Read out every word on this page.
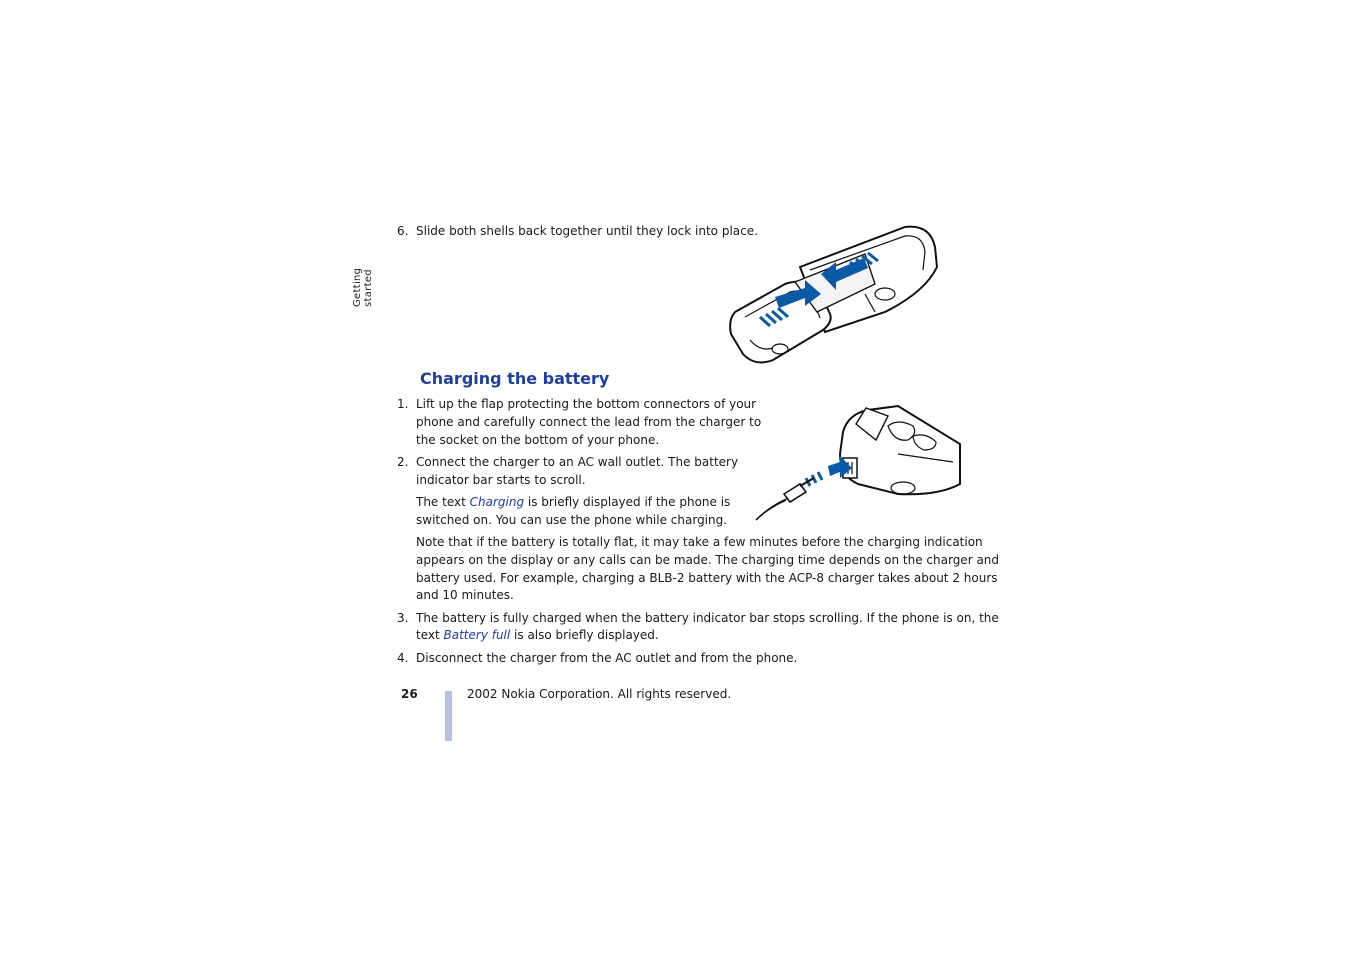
Getting started
6. Slide both shells back together until they lock into place.
Charging the battery
1. Lift up the flap protecting the bottom connectors of your
phone and carefully connect the lead from the charger to
the socket on the bottom of your phone.
2. Connect the charger to an AC wall outlet. The battery
indicator bar starts to scroll.
The text Charging is briefly displayed if the phone is
switched on. You can use the phone while charging.
Note that if the battery is totally flat, it may take a few minutes before the charging indication
appears on the display or any calls can be made. The charging time depends on the charger and
battery used. For example, charging a BLB-2 battery with the ACP-8 charger takes about 2 hours
and 10 minutes.
3. The battery is fully charged when the battery indicator bar stops scrolling. If the phone is on, the
text Battery full is also briefly displayed.
4. Disconnect the charger from the AC outlet and from the phone.
26	2002 Nokia Corporation. All rights reserved.
